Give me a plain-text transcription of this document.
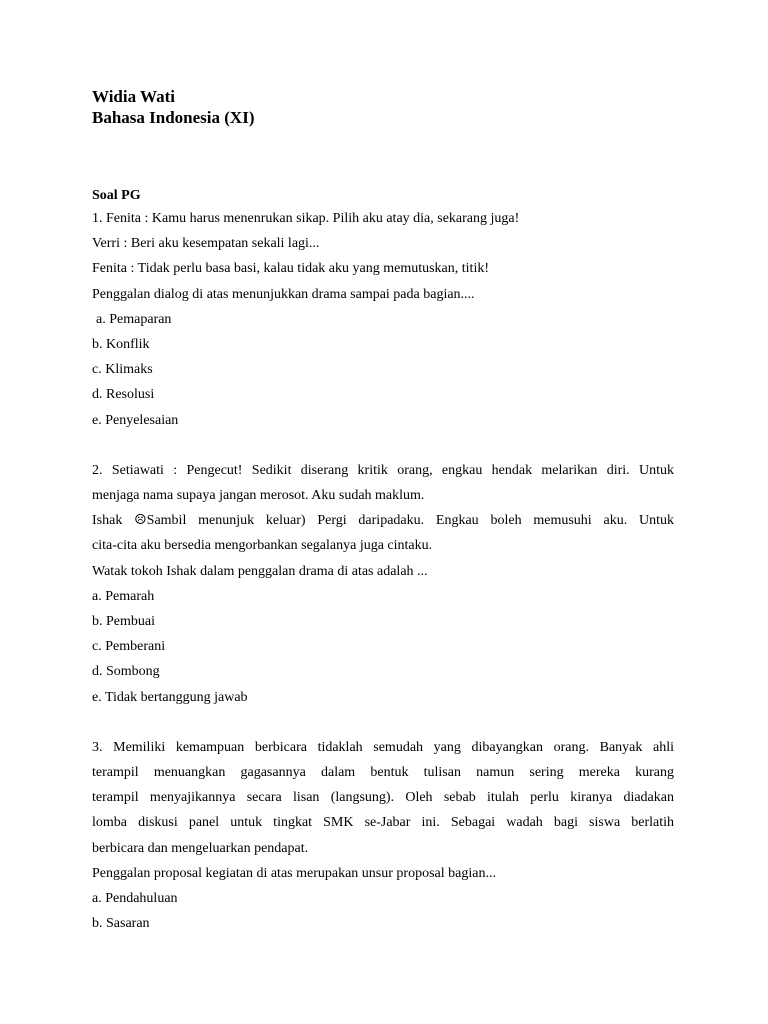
Widia Wati
Bahasa Indonesia (XI)
Soal PG
1. Fenita : Kamu harus menenrukan sikap. Pilih aku atay dia, sekarang juga!
Verri : Beri aku kesempatan sekali lagi...
Fenita : Tidak perlu basa basi, kalau tidak aku yang memutuskan, titik!
Penggalan dialog di atas menunjukkan drama sampai pada bagian....
a. Pemaparan
b. Konflik
c. Klimaks
d. Resolusi
e. Penyelesaian
2. Setiawati : Pengecut! Sedikit diserang kritik orang, engkau hendak melarikan diri. Untuk
menjaga nama supaya jangan merosot. Aku sudah maklum.
Ishak ☹Sambil menunjuk keluar) Pergi daripadaku. Engkau boleh memusuhi aku. Untuk
cita-cita aku bersedia mengorbankan segalanya juga cintaku.
Watak tokoh Ishak dalam penggalan drama di atas adalah ...
a. Pemarah
b. Pembuai
c. Pemberani
d. Sombong
e. Tidak bertanggung jawab
3. Memiliki kemampuan berbicara tidaklah semudah yang dibayangkan orang. Banyak ahli
terampil menuangkan gagasannya dalam bentuk tulisan namun sering mereka kurang
terampil menyajikannya secara lisan (langsung). Oleh sebab itulah perlu kiranya diadakan
lomba diskusi panel untuk tingkat SMK se-Jabar ini. Sebagai wadah bagi siswa berlatih
berbicara dan mengeluarkan pendapat.
Penggalan proposal kegiatan di atas merupakan unsur proposal bagian...
a. Pendahuluan
b. Sasaran
